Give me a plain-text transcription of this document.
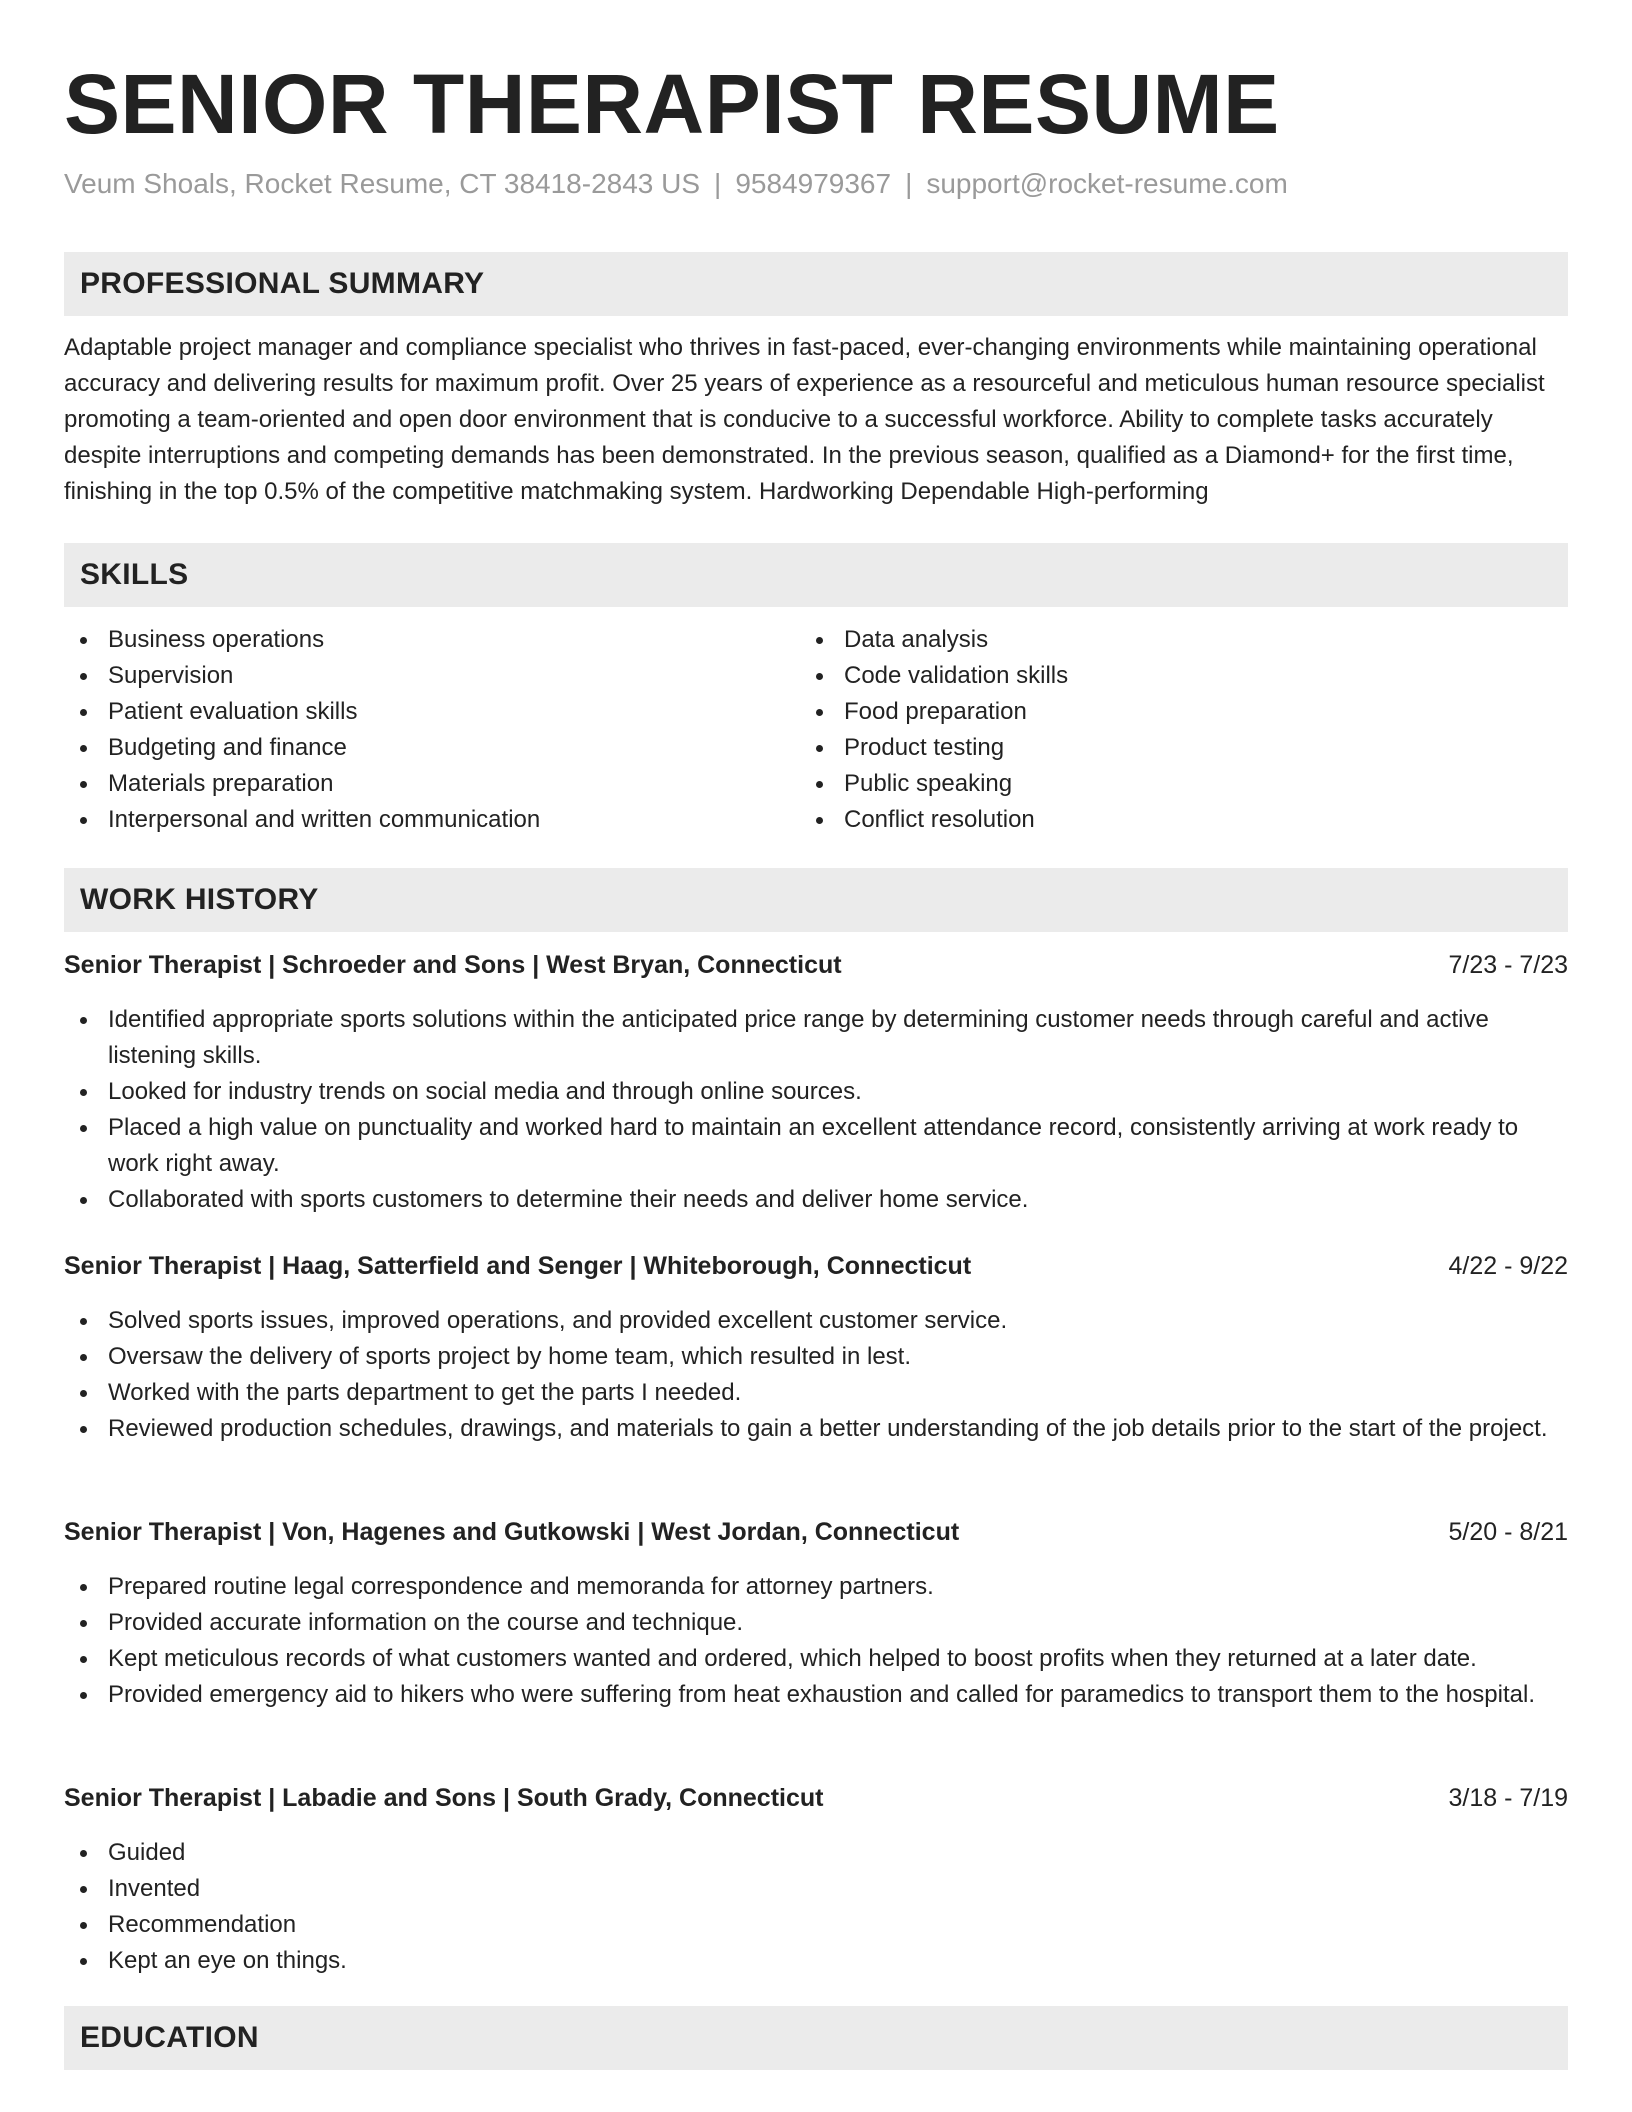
SENIOR THERAPIST RESUME
Veum Shoals, Rocket Resume, CT 38418-2843 US | 9584979367 | support@rocket-resume.com
PROFESSIONAL SUMMARY

Adaptable project manager and compliance specialist who thrives in fast-paced, ever-changing environments while maintaining operational accuracy and delivering results for maximum profit. Over 25 years of experience as a resourceful and meticulous human resource specialist promoting a team-oriented and open door environment that is conducive to a successful workforce. Ability to complete tasks accurately despite interruptions and competing demands has been demonstrated. In the previous season, qualified as a Diamond+ for the first time, finishing in the top 0.5% of the competitive matchmaking system. Hardworking Dependable High-performing

SKILLS
Business operations
Supervision
Patient evaluation skills
Budgeting and finance
Materials preparation
Interpersonal and written communication
Data analysis
Code validation skills
Food preparation
Product testing
Public speaking
Conflict resolution
WORK HISTORY
Senior Therapist | Schroeder and Sons | West Bryan, Connecticut	7/23 - 7/23
Identified appropriate sports solutions within the anticipated price range by determining customer needs through careful and active listening skills.
Looked for industry trends on social media and through online sources.
Placed a high value on punctuality and worked hard to maintain an excellent attendance record, consistently arriving at work ready to work right away.
Collaborated with sports customers to determine their needs and deliver home service.
Senior Therapist | Haag, Satterfield and Senger | Whiteborough, Connecticut	4/22 - 9/22
Solved sports issues, improved operations, and provided excellent customer service.
Oversaw the delivery of sports project by home team, which resulted in lest.
Worked with the parts department to get the parts I needed.
Reviewed production schedules, drawings, and materials to gain a better understanding of the job details prior to the start of the project.
Senior Therapist | Von, Hagenes and Gutkowski | West Jordan, Connecticut	5/20 - 8/21
Prepared routine legal correspondence and memoranda for attorney partners.
Provided accurate information on the course and technique.
Kept meticulous records of what customers wanted and ordered, which helped to boost profits when they returned at a later date.
Provided emergency aid to hikers who were suffering from heat exhaustion and called for paramedics to transport them to the hospital.
Senior Therapist | Labadie and Sons | South Grady, Connecticut	3/18 - 7/19
Guided
Invented
Recommendation
Kept an eye on things.
EDUCATION
